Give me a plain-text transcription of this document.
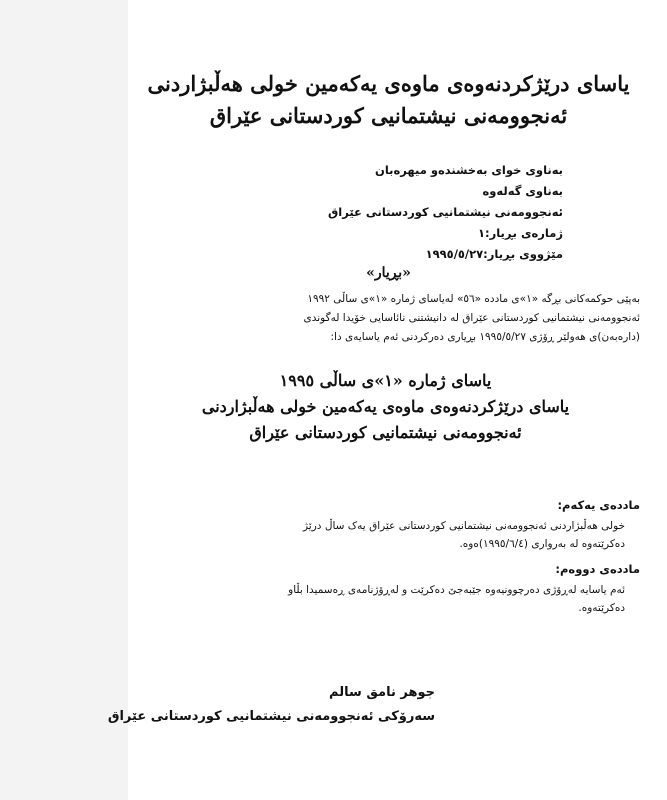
یاسای درێژکردنەوەی ماوەی یەکەمین خولی هەڵبژاردنی
ئەنجوومەنی نیشتمانیی کوردستانی عێراق
بەناوی خوای بەخشندەو میهرەبان
بەناوی گەلەوە
ئەنجوومەنی نیشتمانیی کوردستانی عێراق
ژمارەی بڕیار:١
مێژووی بڕیار:١٩٩٥/٥/٢٧
«بڕیار»
بەپێی حوکمەکانی بڕگە «١»ی ماددە «٥٦» لەیاسای ژمارە «١»ی ساڵی ١٩٩٢
ئەنجوومەنی نیشتمانیی کوردستانی عێراق لە دانیشتنی نائاسایی خۆیدا لەگوندی
(دارەبەن)ی هەولێر ڕۆژی ١٩٩٥/٥/٢٧ بڕیاری دەرکردنی ئەم یاسایەی دا:
یاسای ژمارە «١»ی ساڵی ١٩٩٥
یاسای درێژکردنەوەی ماوەی یەکەمین خولی هەڵبژاردنی
ئەنجوومەنی نیشتمانیی کوردستانی عێراق
ماددەی یەکەم:
خولی هەڵبژاردنی ئەنجوومەنی نیشتمانیی کوردستانی عێراق یەک ساڵ درێژ
دەکرێتەوە لە بەرواری (١٩٩٥/٦/٤)ەوە.
ماددەی دووەم:
ئەم یاسایە لەڕۆژی دەرچوونیەوە جێبەجێ دەکرێت و لەڕۆژنامەی ڕەسمیدا بڵاو
دەکرێتەوە.
جوهر نامق سالم
سەرۆکی ئەنجوومەنی نیشتمانیی کوردستانی عێراق
